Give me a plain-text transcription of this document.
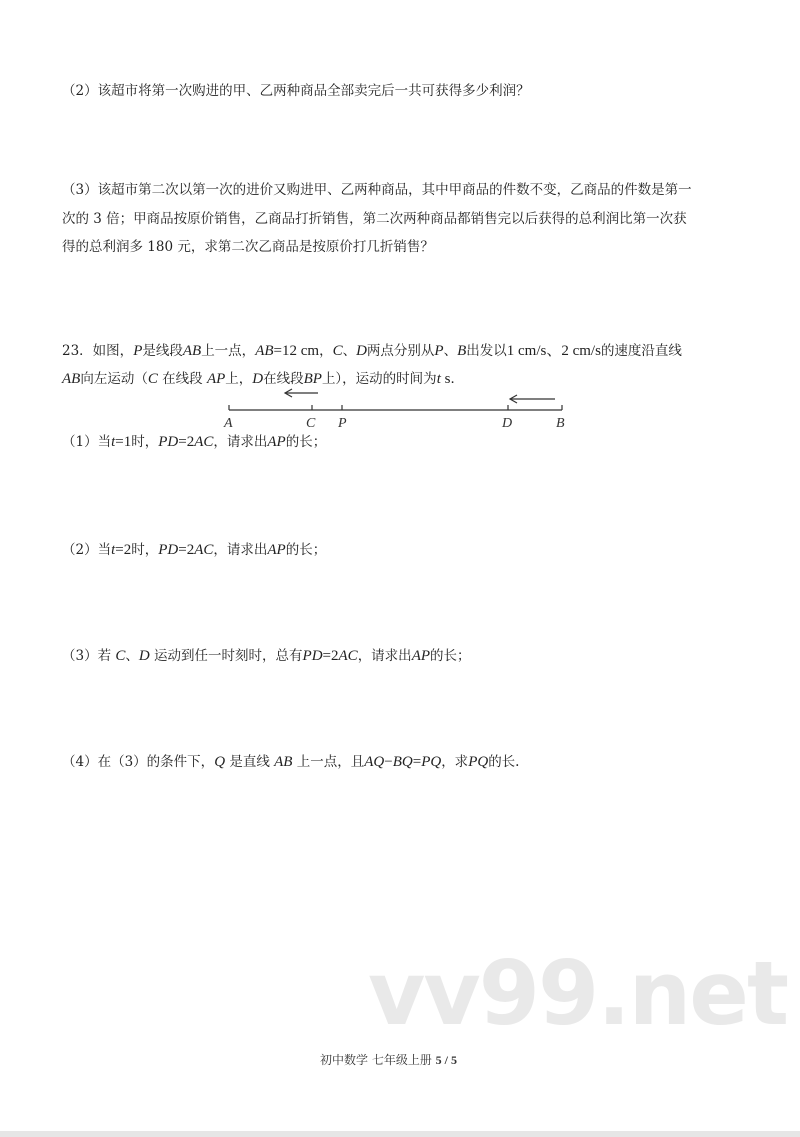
（2）该超市将第一次购进的甲、乙两种商品全部卖完后一共可获得多少利润？
（3）该超市第二次以第一次的进价又购进甲、乙两种商品，其中甲商品的件数不变，乙商品的件数是第一
次的 3 倍；甲商品按原价销售，乙商品打折销售，第二次两种商品都销售完以后获得的总利润比第一次获
得的总利润多 180 元，求第二次乙商品是按原价打几折销售？
23．如图，P是线段AB上一点，AB=12 cm，C、D两点分别从P、B出发以1 cm/s、2 cm/s的速度沿直线
AB向左运动（C 在线段 AP上，D在线段BP上），运动的时间为t s．
（1）当t=1时，PD=2AC，请求出AP的长；
（2）当t=2时，PD=2AC，请求出AP的长；
（3）若 C、D 运动到任一时刻时，总有PD=2AC，请求出AP的长；
（4）在（3）的条件下，Q 是直线 AB 上一点，且AQ−BQ=PQ，求PQ的长.
A	C P	D	B
vv99.net
初中数学 七年级上册 5 / 5
